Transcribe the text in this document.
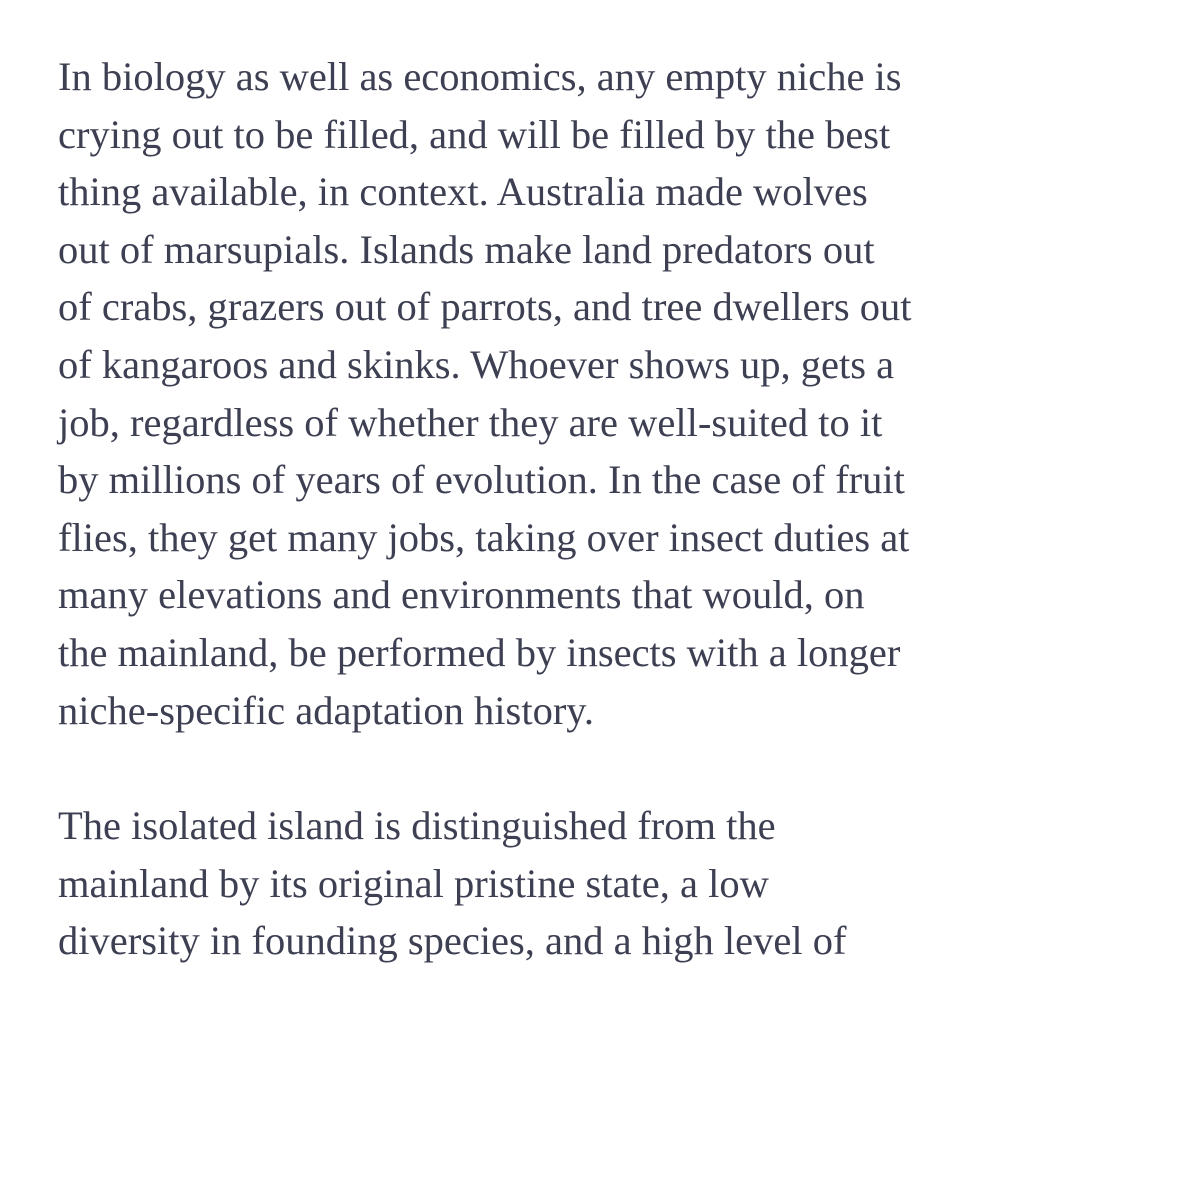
In biology as well as economics, any empty niche is
crying out to be filled, and will be filled by the best
thing available, in context. Australia made wolves
out of marsupials. Islands make land predators out
of crabs, grazers out of parrots, and tree dwellers out
of kangaroos and skinks. Whoever shows up, gets a
job, regardless of whether they are well-suited to it
by millions of years of evolution. In the case of fruit
flies, they get many jobs, taking over insect duties at
many elevations and environments that would, on
the mainland, be performed by insects with a longer
niche-specific adaptation history.

The isolated island is distinguished from the
mainland by its original pristine state, a low
diversity in founding species, and a high level of
